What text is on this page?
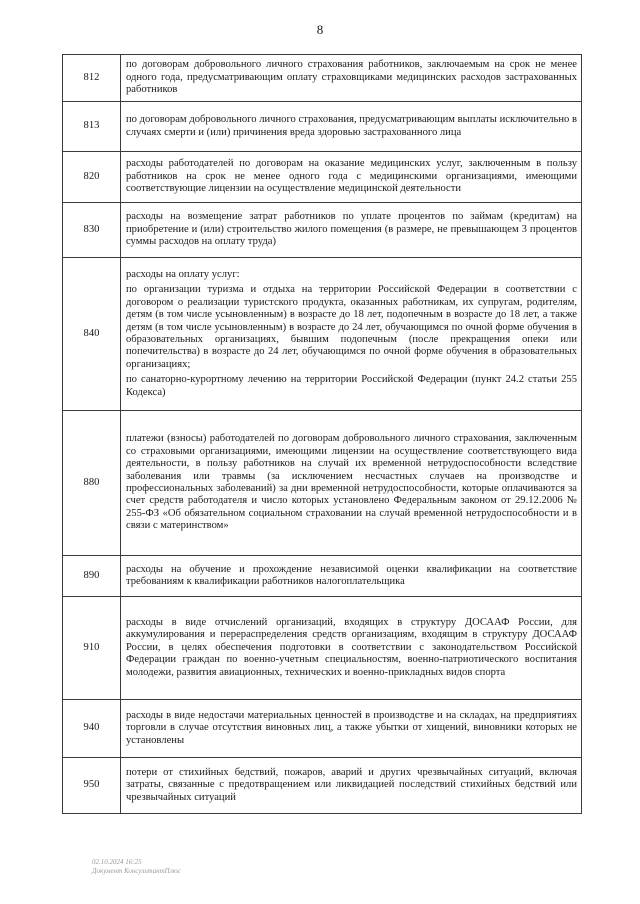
8
812	по договорам добровольного личного страхования работников, заключаемым на срок не менее одного года, предусматривающим оплату страховщиками медицинских расходов застрахованных работников

813	по договорам добровольного личного страхования, предусматривающим выплаты исключительно в случаях смерти и (или) причинения вреда здоровью застрахованного лица

820	расходы работодателей по договорам на оказание медицинских услуг, заключенным в пользу работников на срок не менее одного года с медицинскими организациями, имеющими соответствующие лицензии на осуществление медицинской деятельности

830	расходы на возмещение затрат работников по уплате процентов по займам (кредитам) на приобретение и (или) строительство жилого помещения (в размере, не превышающем 3 процентов суммы расходов на оплату труда)

840	расходы на оплату услуг:

по организации туризма и отдыха на территории Российской Федерации в соответствии с договором о реализации туристского продукта, оказанных работникам, их супругам, родителям, детям (в том числе усыновленным) в возрасте до 18 лет, подопечным в возрасте до 18 лет, а также детям (в том числе усыновленным) в возрасте до 24 лет, обучающимся по очной форме обучения в образовательных организациях, бывшим подопечным (после прекращения опеки или попечительства) в возрасте до 24 лет, обучающимся по очной форме обучения в образовательных организациях;

по санаторно-курортному лечению на территории Российской Федерации (пункт 24.2 статьи 255 Кодекса)

880	платежи (взносы) работодателей по договорам добровольного личного страхования, заключенным со страховыми организациями, имеющими лицензии на осуществление соответствующего вида деятельности, в пользу работников на случай их временной нетрудоспособности вследствие заболевания или травмы (за исключением несчастных случаев на производстве и профессиональных заболеваний) за дни временной нетрудоспособности, которые оплачиваются за счет средств работодателя и число которых установлено Федеральным законом от 29.12.2006 № 255-ФЗ «Об обязательном социальном страховании на случай временной нетрудоспособности и в связи с материнством»

890	расходы на обучение и прохождение независимой оценки квалификации на соответствие требованиям к квалификации работников налогоплательщика

910	расходы в виде отчислений организаций, входящих в структуру ДОСААФ России, для аккумулирования и перераспределения средств организациям, входящим в структуру ДОСААФ России, в целях обеспечения подготовки в соответствии с законодательством Российской Федерации граждан по военно-учетным специальностям, военно-патриотического воспитания молодежи, развития авиационных, технических и военно-прикладных видов спорта

940	расходы в виде недостачи материальных ценностей в производстве и на складах, на предприятиях торговли в случае отсутствия виновных лиц, а также убытки от хищений, виновники которых не установлены

950	потери от стихийных бедствий, пожаров, аварий и других чрезвычайных ситуаций, включая затраты, связанные с предотвращением или ликвидацией последствий стихийных бедствий или чрезвычайных ситуаций

02.10.2024 16:25
Документ КонсультантПлюс
